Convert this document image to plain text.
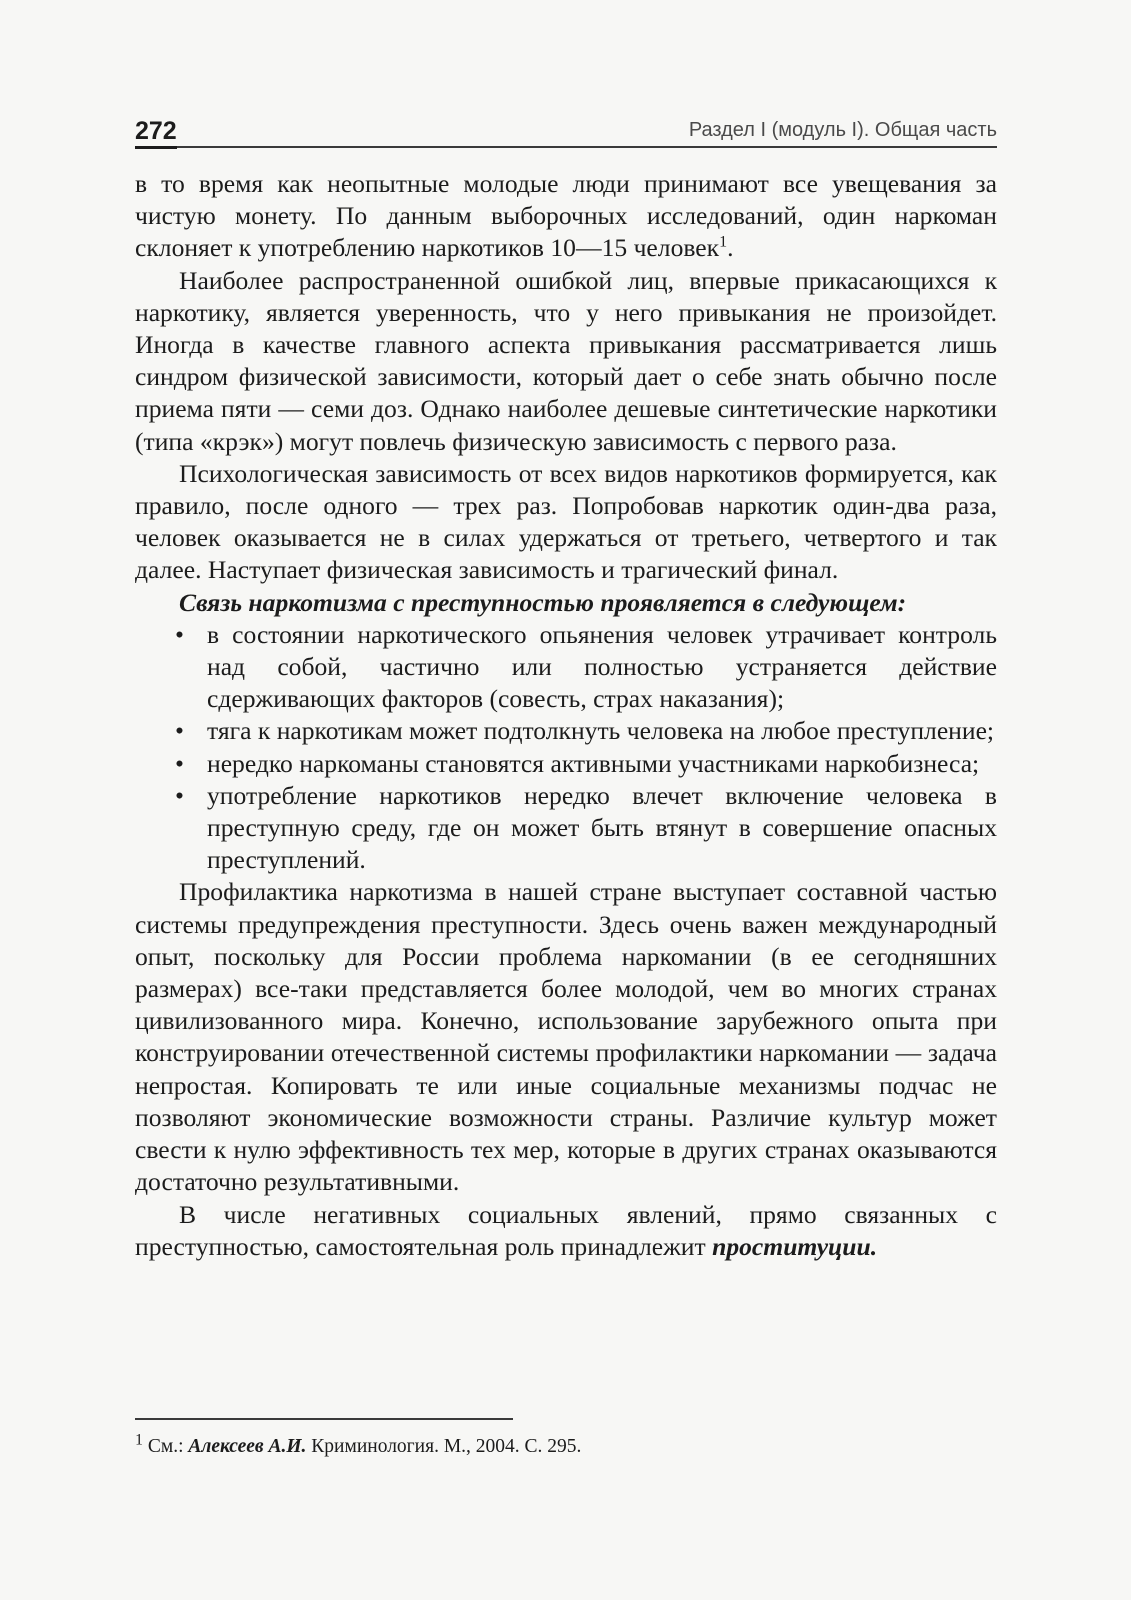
272	Раздел I (модуль I). Общая часть

в то время как неопытные молодые люди принимают все увещевания за чистую монету. По данным выборочных исследований, один наркоман склоняет к употреблению наркотиков 10—15 человек$^1$.

Наиболее распространенной ошибкой лиц, впервые прикасающихся к наркотику, является уверенность, что у него привыкания не произойдет. Иногда в качестве главного аспекта привыкания рассматривается лишь синдром физической зависимости, который дает о себе знать обычно после приема пяти — семи доз. Однако наиболее дешевые синтетические наркотики (типа «крэк») могут повлечь физическую зависимость с первого раза.

Психологическая зависимость от всех видов наркотиков формируется, как правило, после одного — трех раз. Попробовав наркотик один-два раза, человек оказывается не в силах удержаться от третьего, четвертого и так далее. Наступает физическая зависимость и трагический финал.

Связь наркотизма с преступностью проявляется в следующем:

• в состоянии наркотического опьянения человек утрачивает контроль над собой, частично или полностью устраняется действие сдерживающих факторов (совесть, страх наказания);
• тяга к наркотикам может подтолкнуть человека на любое преступление;
• нередко наркоманы становятся активными участниками наркобизнеса;
• употребление наркотиков нередко влечет включение человека в преступную среду, где он может быть втянут в совершение опасных преступлений.

Профилактика наркотизма в нашей стране выступает составной частью системы предупреждения преступности. Здесь очень важен международный опыт, поскольку для России проблема наркомании (в ее сегодняшних размерах) все-таки представляется более молодой, чем во многих странах цивилизованного мира. Конечно, использование зарубежного опыта при конструировании отечественной системы профилактики наркомании — задача непростая. Копировать те или иные социальные механизмы подчас не позволяют экономические возможности страны. Различие культур может свести к нулю эффективность тех мер, которые в других странах оказываются достаточно результативными.

В числе негативных социальных явлений, прямо связанных с преступностью, самостоятельная роль принадлежит проституции.

$^1$ См.: Алексеев А.И. Криминология. М., 2004. С. 295.
